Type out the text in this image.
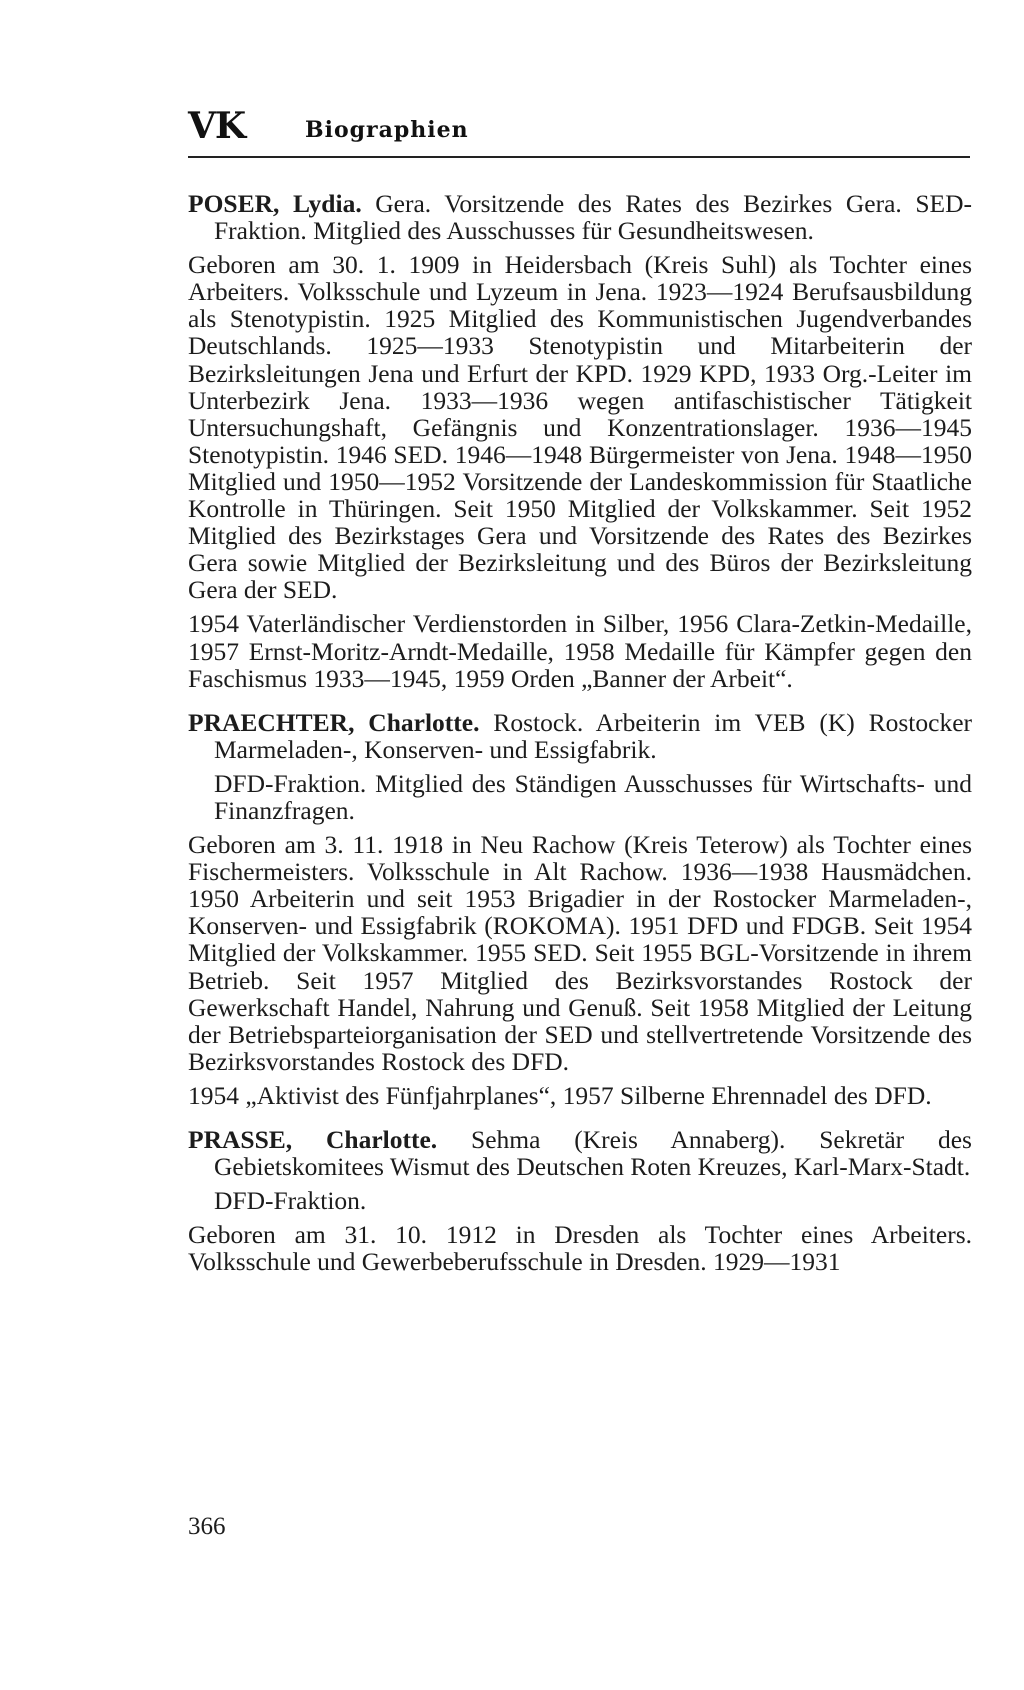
VK	Biographien

POSER, Lydia. Gera. Vorsitzende des Rates des Bezirkes Gera. SED-Fraktion. Mitglied des Ausschusses für Gesundheitswesen.

Geboren am 30. 1. 1909 in Heidersbach (Kreis Suhl) als Tochter eines Arbeiters. Volksschule und Lyzeum in Jena. 1923—1924 Berufsausbildung als Stenotypistin. 1925 Mitglied des Kommunistischen Jugendverbandes Deutschlands. 1925—1933 Stenotypistin und Mitarbeiterin der Bezirksleitungen Jena und Erfurt der KPD. 1929 KPD, 1933 Org.-Leiter im Unterbezirk Jena. 1933—1936 wegen antifaschistischer Tätigkeit Untersuchungshaft, Gefängnis und Konzentrationslager. 1936—1945 Stenotypistin. 1946 SED. 1946—1948 Bürgermeister von Jena. 1948—1950 Mitglied und 1950—1952 Vorsitzende der Landeskommission für Staatliche Kontrolle in Thüringen. Seit 1950 Mitglied der Volkskammer. Seit 1952 Mitglied des Bezirkstages Gera und Vorsitzende des Rates des Bezirkes Gera sowie Mitglied der Bezirksleitung und des Büros der Bezirksleitung Gera der SED.

1954 Vaterländischer Verdienstorden in Silber, 1956 Clara-Zetkin-Medaille, 1957 Ernst-Moritz-Arndt-Medaille, 1958 Medaille für Kämpfer gegen den Faschismus 1933—1945, 1959 Orden „Banner der Arbeit“.

PRAECHTER, Charlotte. Rostock. Arbeiterin im VEB (K) Rostocker Marmeladen-, Konserven- und Essigfabrik.

DFD-Fraktion. Mitglied des Ständigen Ausschusses für Wirtschafts- und Finanzfragen.

Geboren am 3. 11. 1918 in Neu Rachow (Kreis Teterow) als Tochter eines Fischermeisters. Volksschule in Alt Rachow. 1936—1938 Hausmädchen. 1950 Arbeiterin und seit 1953 Brigadier in der Rostocker Marmeladen-, Konserven- und Essigfabrik (ROKOMA). 1951 DFD und FDGB. Seit 1954 Mitglied der Volkskammer. 1955 SED. Seit 1955 BGL-Vorsitzende in ihrem Betrieb. Seit 1957 Mitglied des Bezirksvorstandes Rostock der Gewerkschaft Handel, Nahrung und Genuß. Seit 1958 Mitglied der Leitung der Betriebsparteiorganisation der SED und stellvertretende Vorsitzende des Bezirksvorstandes Rostock des DFD.

1954 „Aktivist des Fünfjahrplanes“, 1957 Silberne Ehrennadel des DFD.

PRASSE, Charlotte. Sehma (Kreis Annaberg). Sekretär des Gebietskomitees Wismut des Deutschen Roten Kreuzes, Karl-Marx-Stadt.

DFD-Fraktion.

Geboren am 31. 10. 1912 in Dresden als Tochter eines Arbeiters. Volksschule und Gewerbeberufsschule in Dresden. 1929—1931

366
